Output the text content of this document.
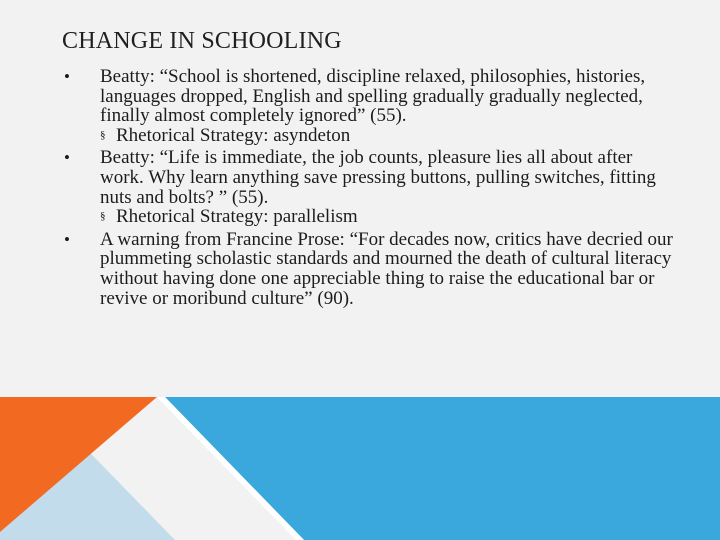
CHANGE IN SCHOOLING
• Beatty: “School is shortened, discipline relaxed, philosophies, histories, languages dropped, English and spelling gradually gradually neglected, finally almost completely ignored” (55).
§ Rhetorical Strategy: asyndeton
• Beatty: “Life is immediate, the job counts, pleasure lies all about after work. Why learn anything save pressing buttons, pulling switches, fitting nuts and bolts? ” (55).
§ Rhetorical Strategy: parallelism
• A warning from Francine Prose: “For decades now, critics have decried our plummeting scholastic standards and mourned the death of cultural literacy without having done one appreciable thing to raise the educational bar or revive or moribund culture” (90).
